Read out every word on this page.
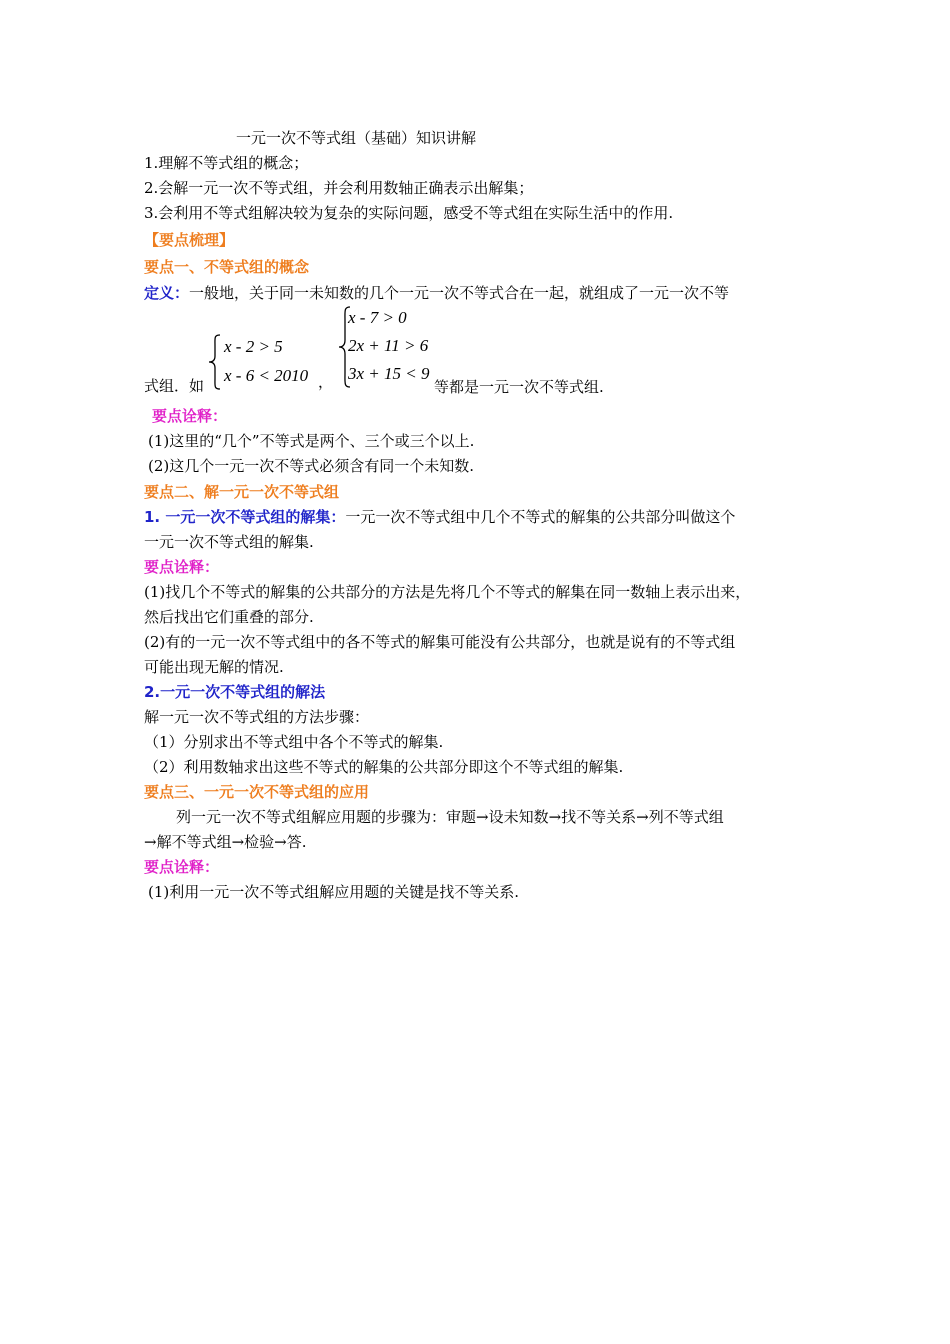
一元一次不等式组（基础）知识讲解
1.理解不等式组的概念；
2.会解一元一次不等式组，并会利用数轴正确表示出解集；
3.会利用不等式组解决较为复杂的实际问题，感受不等式组在实际生活中的作用.
【要点梳理】
要点一、不等式组的概念
定义：一般地，关于同一未知数的几个一元一次不等式合在一起，就组成了一元一次不等
式组．如
x - 2 > 5
x - 6 < 2010 ，
x - 7 > 0
2x + 11 > 6
3x + 15 < 9
等都是一元一次不等式组.
要点诠释：
(1)这里的“几个”不等式是两个、三个或三个以上.
(2)这几个一元一次不等式必须含有同一个未知数.
要点二、解一元一次不等式组
1. 一元一次不等式组的解集：一元一次不等式组中几个不等式的解集的公共部分叫做这个
一元一次不等式组的解集.
要点诠释：
(1)找几个不等式的解集的公共部分的方法是先将几个不等式的解集在同一数轴上表示出来，
然后找出它们重叠的部分.
(2)有的一元一次不等式组中的各不等式的解集可能没有公共部分，也就是说有的不等式组
可能出现无解的情况.
2.一元一次不等式组的解法
解一元一次不等式组的方法步骤：
（1）分别求出不等式组中各个不等式的解集.
（2）利用数轴求出这些不等式的解集的公共部分即这个不等式组的解集.
要点三、一元一次不等式组的应用
列一元一次不等式组解应用题的步骤为：审题→设未知数→找不等关系→列不等式组
→解不等式组→检验→答.
要点诠释：
(1)利用一元一次不等式组解应用题的关键是找不等关系.
